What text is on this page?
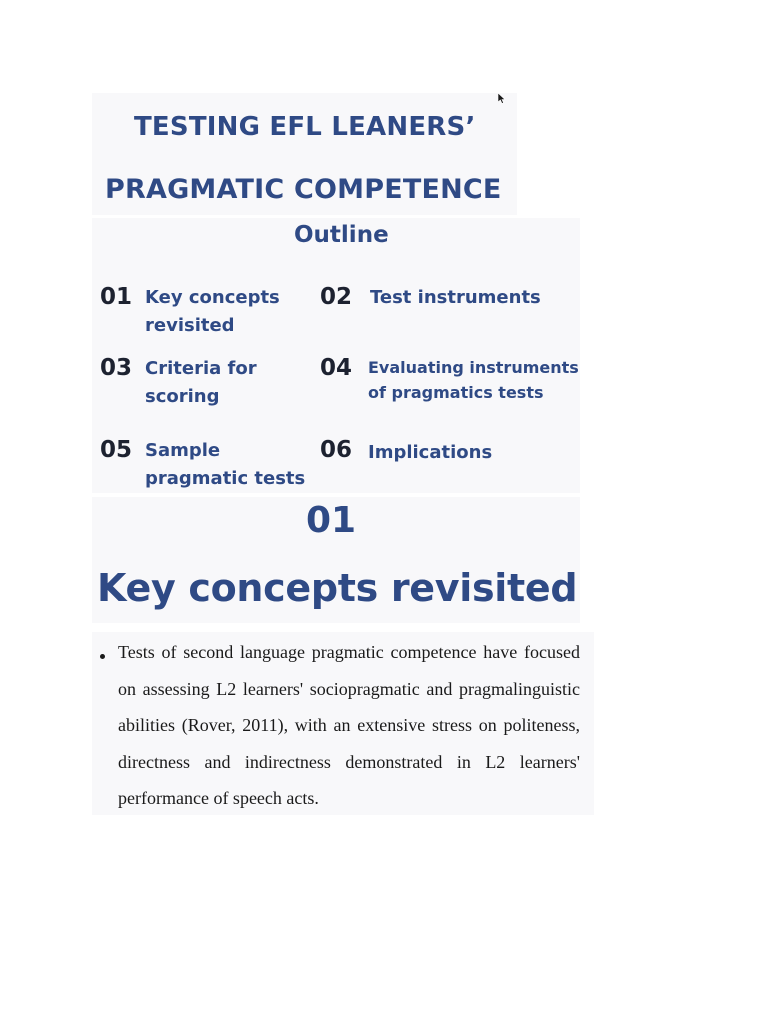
TESTING EFL LEANERS’
PRAGMATIC COMPETENCE
Outline
01 Key concepts revisited

02 Test instruments

03 Criteria for scoring

04 Evaluating instruments of pragmatics tests

05 Sample pragmatic tests

06 Implications

01
Key concepts revisited

Tests of second language pragmatic competence have focused on assessing L2 learners' sociopragmatic and pragmalinguistic abilities (Rover, 2011), with an extensive stress on politeness, directness and indirectness demonstrated in L2 learners' performance of speech acts.
